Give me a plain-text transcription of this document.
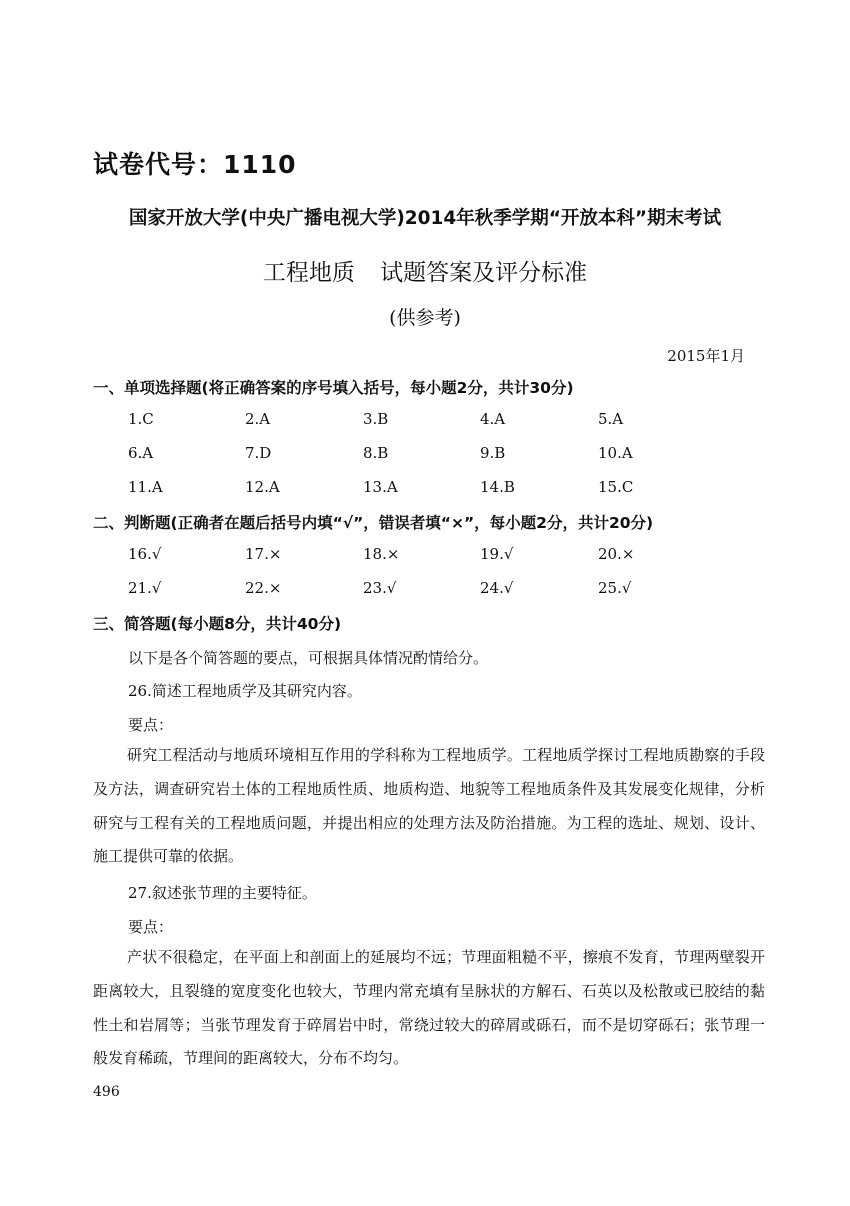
试卷代号：1110
国家开放大学(中央广播电视大学)2014年秋季学期“开放本科”期末考试
工程地质 试题答案及评分标准
(供参考)
2015年1月
一、单项选择题(将正确答案的序号填入括号，每小题2分，共计30分)
1.C	2.A	3.B	4.A	5.A
6.A	7.D	8.B	9.B	10.A
11.A	12.A	13.A	14.B	15.C
二、判断题(正确者在题后括号内填“√”，错误者填“×”，每小题2分，共计20分)
16.√	17.×	18.×	19.√	20.×
21.√	22.×	23.√	24.√	25.√
三、简答题(每小题8分，共计40分)
以下是各个简答题的要点，可根据具体情况酌情给分。
26.简述工程地质学及其研究内容。
要点：
研究工程活动与地质环境相互作用的学科称为工程地质学。工程地质学探讨工程地质勘察的手段及方法，调查研究岩土体的工程地质性质、地质构造、地貌等工程地质条件及其发展变化规律，分析研究与工程有关的工程地质问题，并提出相应的处理方法及防治措施。为工程的选址、规划、设计、施工提供可靠的依据。
27.叙述张节理的主要特征。
要点：
产状不很稳定，在平面上和剖面上的延展均不远；节理面粗糙不平，擦痕不发育，节理两壁裂开距离较大，且裂缝的宽度变化也较大，节理内常充填有呈脉状的方解石、石英以及松散或已胶结的黏性土和岩屑等；当张节理发育于碎屑岩中时，常绕过较大的碎屑或砾石，而不是切穿砾石；张节理一般发育稀疏，节理间的距离较大，分布不均匀。
496
